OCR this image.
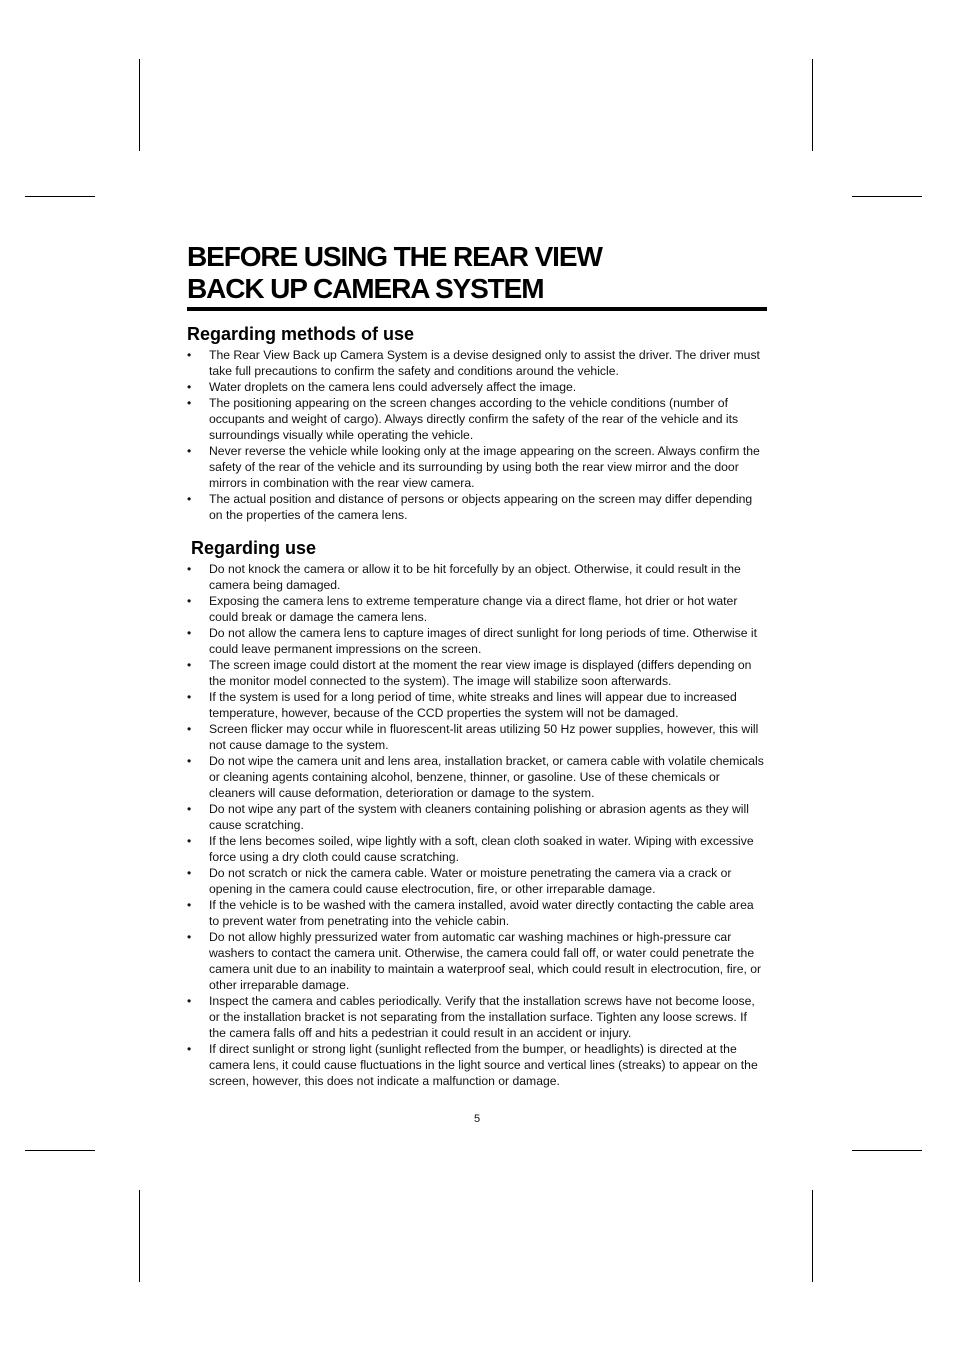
BEFORE USING THE REAR VIEW
BACK UP CAMERA SYSTEM
Regarding methods of use
• The Rear View Back up Camera System is a devise designed only to assist the driver. The driver must take full precautions to confirm the safety and conditions around the vehicle.
• Water droplets on the camera lens could adversely affect the image.
• The positioning appearing on the screen changes according to the vehicle conditions (number of occupants and weight of cargo). Always directly confirm the safety of the rear of the vehicle and its surroundings visually while operating the vehicle.
• Never reverse the vehicle while looking only at the image appearing on the screen. Always confirm the safety of the rear of the vehicle and its surrounding by using both the rear view mirror and the door mirrors in combination with the rear view camera.
• The actual position and distance of persons or objects appearing on the screen may differ depending on the properties of the camera lens.
Regarding use
• Do not knock the camera or allow it to be hit forcefully by an object. Otherwise, it could result in the camera being damaged.
• Exposing the camera lens to extreme temperature change via a direct flame, hot drier or hot water could break or damage the camera lens.
• Do not allow the camera lens to capture images of direct sunlight for long periods of time. Otherwise it could leave permanent impressions on the screen.
• The screen image could distort at the moment the rear view image is displayed (differs depending on the monitor model connected to the system). The image will stabilize soon afterwards.
• If the system is used for a long period of time, white streaks and lines will appear due to increased temperature, however, because of the CCD properties the system will not be damaged.
• Screen flicker may occur while in fluorescent-lit areas utilizing 50 Hz power supplies, however, this will not cause damage to the system.
• Do not wipe the camera unit and lens area, installation bracket, or camera cable with volatile chemicals or cleaning agents containing alcohol, benzene, thinner, or gasoline. Use of these chemicals or cleaners will cause deformation, deterioration or damage to the system.
• Do not wipe any part of the system with cleaners containing polishing or abrasion agents as they will cause scratching.
• If the lens becomes soiled, wipe lightly with a soft, clean cloth soaked in water. Wiping with excessive force using a dry cloth could cause scratching.
• Do not scratch or nick the camera cable. Water or moisture penetrating the camera via a crack or opening in the camera could cause electrocution, fire, or other irreparable damage.
• If the vehicle is to be washed with the camera installed, avoid water directly contacting the cable area to prevent water from penetrating into the vehicle cabin.
• Do not allow highly pressurized water from automatic car washing machines or high-pressure car washers to contact the camera unit. Otherwise, the camera could fall off, or water could penetrate the camera unit due to an inability to maintain a waterproof seal, which could result in electrocution, fire, or other irreparable damage.
• Inspect the camera and cables periodically. Verify that the installation screws have not become loose, or the installation bracket is not separating from the installation surface. Tighten any loose screws. If the camera falls off and hits a pedestrian it could result in an accident or injury.
• If direct sunlight or strong light (sunlight reflected from the bumper, or headlights) is directed at the camera lens, it could cause fluctuations in the light source and vertical lines (streaks) to appear on the screen, however, this does not indicate a malfunction or damage.
5
